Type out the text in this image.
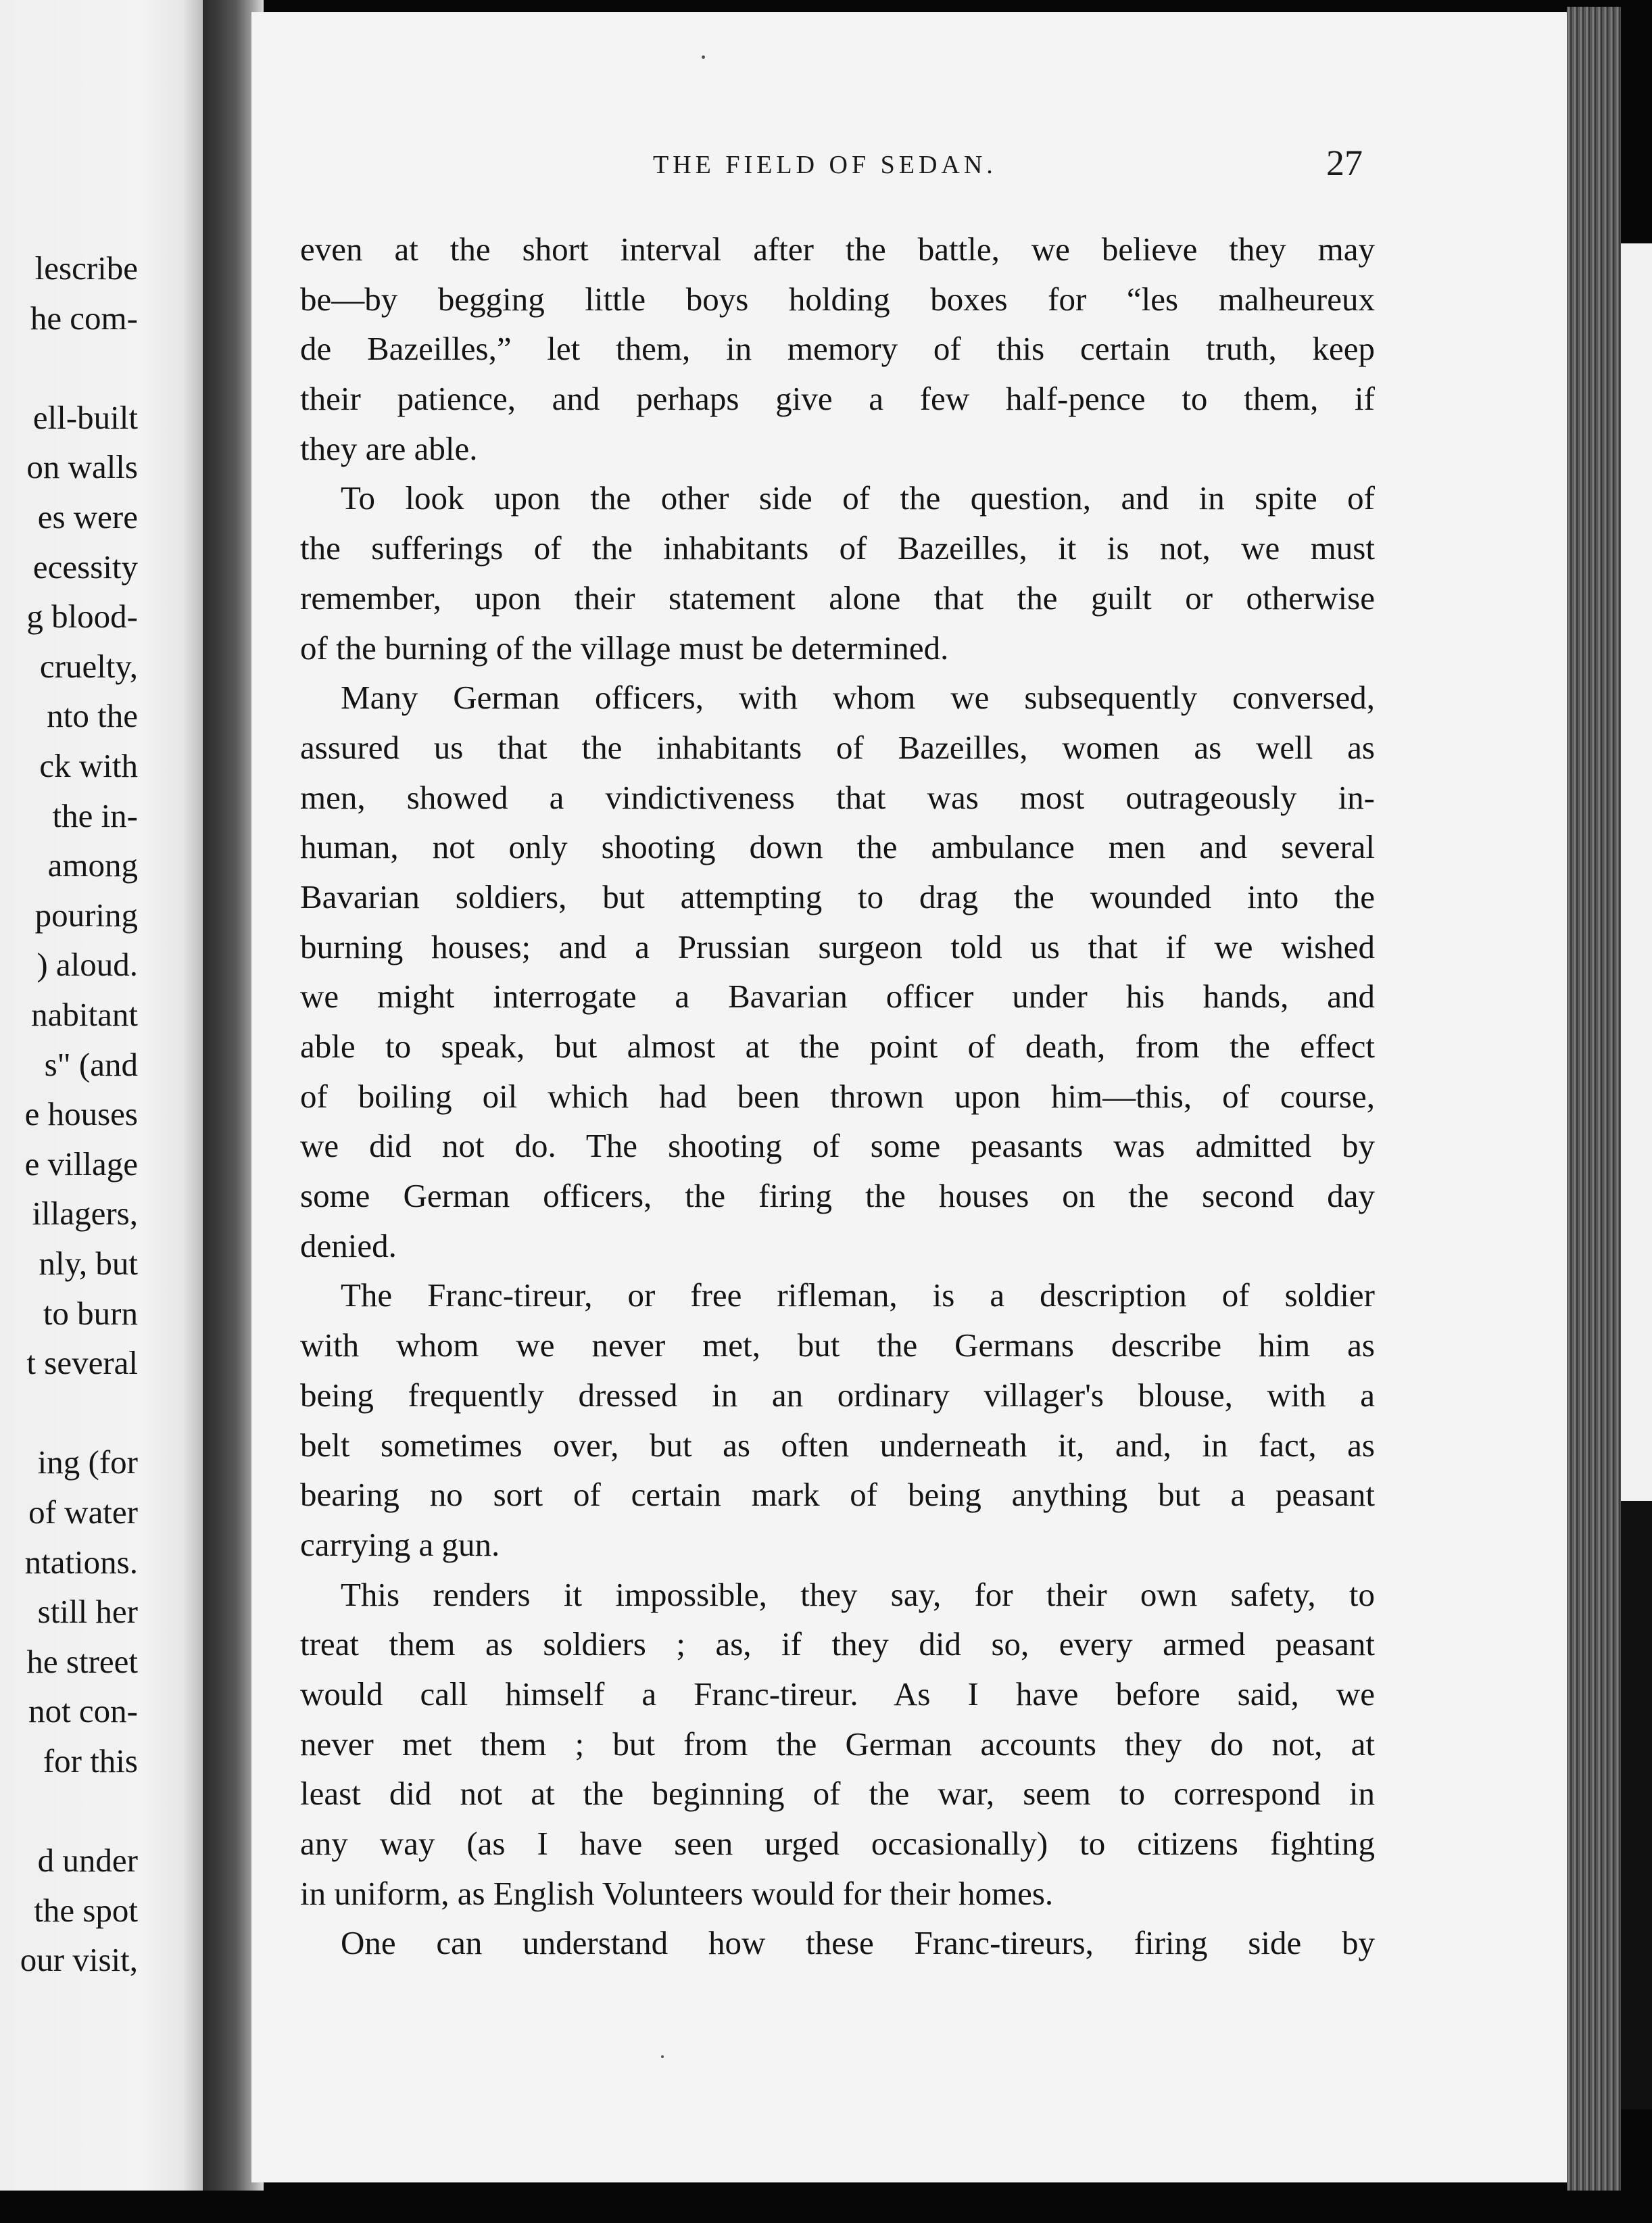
lescribe
he com-
ell-built
on walls
es were
ecessity
g blood-
cruelty,
nto the
ck with
the in-
among
pouring
) aloud.
nabitant
s" (and
e houses
e village
illagers,
nly, but
to burn
t several
ing (for
of water
ntations.
still her
he street
not con-
for this
d under
the spot
our visit,
THE FIELD OF SEDAN.	27
even at the short interval after the battle, we believe they may
be—by begging little boys holding boxes for “les malheureux
de Bazeilles,” let them, in memory of this certain truth, keep
their patience, and perhaps give a few half-pence to them, if
they are able.
To look upon the other side of the question, and in spite of
the sufferings of the inhabitants of Bazeilles, it is not, we must
remember, upon their statement alone that the guilt or otherwise
of the burning of the village must be determined.
Many German officers, with whom we subsequently conversed,
assured us that the inhabitants of Bazeilles, women as well as
men, showed a vindictiveness that was most outrageously in-
human, not only shooting down the ambulance men and several
Bavarian soldiers, but attempting to drag the wounded into the
burning houses; and a Prussian surgeon told us that if we wished
we might interrogate a Bavarian officer under his hands, and
able to speak, but almost at the point of death, from the effect
of boiling oil which had been thrown upon him—this, of course,
we did not do. The shooting of some peasants was admitted by
some German officers, the firing the houses on the second day
denied.
The Franc-tireur, or free rifleman, is a description of soldier
with whom we never met, but the Germans describe him as
being frequently dressed in an ordinary villager's blouse, with a
belt sometimes over, but as often underneath it, and, in fact, as
bearing no sort of certain mark of being anything but a peasant
carrying a gun.
This renders it impossible, they say, for their own safety, to
treat them as soldiers ; as, if they did so, every armed peasant
would call himself a Franc-tireur. As I have before said, we
never met them ; but from the German accounts they do not, at
least did not at the beginning of the war, seem to correspond in
any way (as I have seen urged occasionally) to citizens fighting
in uniform, as English Volunteers would for their homes.
One can understand how these Franc-tireurs, firing side by
